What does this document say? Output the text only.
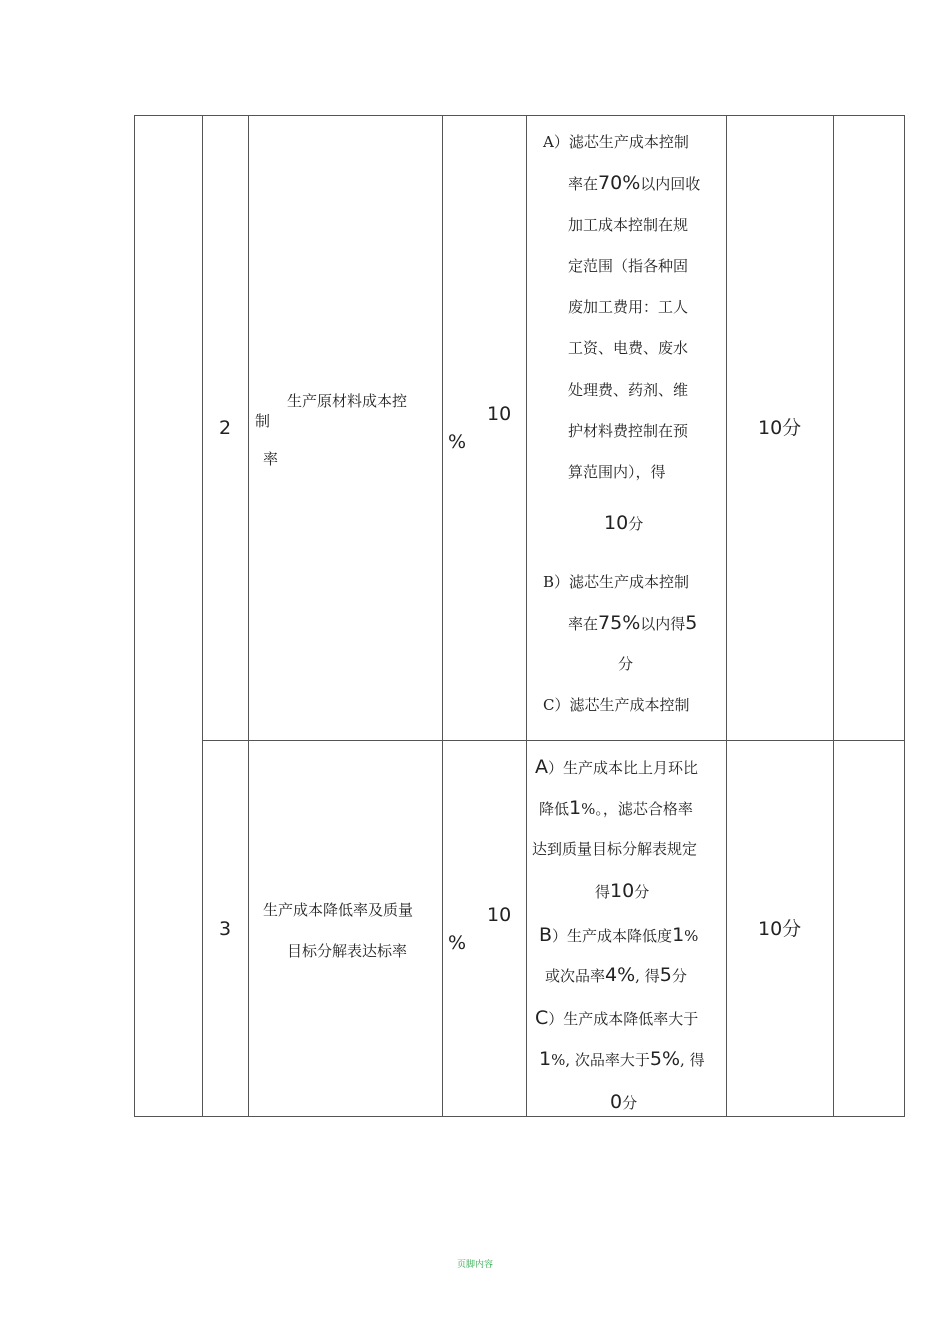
2
生产原材料成本控
制
率
10
%
A）滤芯生产成本控制
率在70%以内回收
加工成本控制在规
定范围（指各种固
废加工费用：工人
工资、电费、废水
处理费、药剂、维
护材料费控制在预
算范围内），得
10分
B）滤芯生产成本控制
率在75%以内得5
分
C）滤芯生产成本控制
10分
3
生产成本降低率及质量
目标分解表达标率
10
%
A）生产成本比上月环比
降低1%。，滤芯合格率
达到质量目标分解表规定
得10分
B）生产成本降低度1%
或次品率4%, 得5分
C）生产成本降低率大于
1%, 次品率大于5%, 得
0分
10分
页脚内容
